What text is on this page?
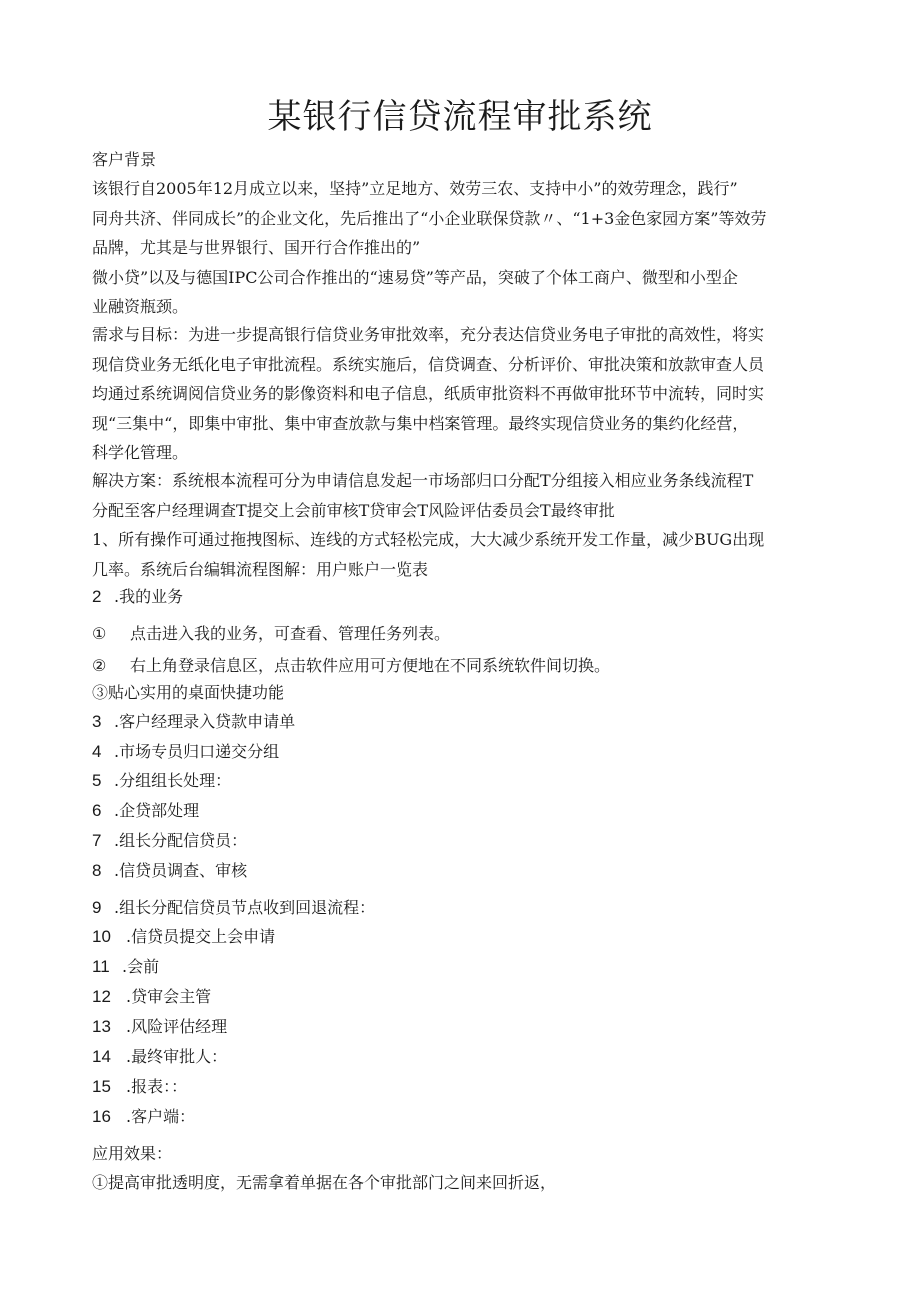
某银行信贷流程审批系统
客户背景
该银行自2005年12月成立以来，坚持”立足地方、效劳三农、支持中小”的效劳理念，践行”
同舟共济、伴同成长”的企业文化，先后推出了“小企业联保贷款〃、“1+3金色家园方案”等效劳
品牌，尤其是与世界银行、国开行合作推出的”
微小贷”以及与德国IPC公司合作推出的“速易贷”等产品，突破了个体工商户、微型和小型企
业融资瓶颈。
需求与目标：为进一步提高银行信贷业务审批效率，充分表达信贷业务电子审批的高效性，将实
现信贷业务无纸化电子审批流程。系统实施后，信贷调查、分析评价、审批决策和放款审查人员
均通过系统调阅信贷业务的影像资料和电子信息，纸质审批资料不再做审批环节中流转，同时实
现“三集中“，即集中审批、集中审查放款与集中档案管理。最终实现信贷业务的集约化经营，
科学化管理。
解决方案：系统根本流程可分为申请信息发起一市场部归口分配T分组接入相应业务条线流程T
分配至客户经理调查T提交上会前审核T贷审会T风险评估委员会T最终审批
1、所有操作可通过拖拽图标、连线的方式轻松完成，大大减少系统开发工作量，减少BUG出现
几率。系统后台编辑流程图解：用户账户一览表
2 .我的业务
① 点击进入我的业务，可查看、管理任务列表。
② 右上角登录信息区，点击软件应用可方便地在不同系统软件间切换。
③贴心实用的桌面快捷功能
3 .客户经理录入贷款申请单
4 .市场专员归口递交分组
5 .分组组长处理：
6 .企贷部处理
7 .组长分配信贷员：
8 .信贷员调查、审核
9 .组长分配信贷员节点收到回退流程：
10 .信贷员提交上会申请
11 .会前
12 .贷审会主管
13 .风险评估经理
14 .最终审批人：
15 .报表：：
16 .客户端：
应用效果：
①提高审批透明度，无需拿着单据在各个审批部门之间来回折返，
